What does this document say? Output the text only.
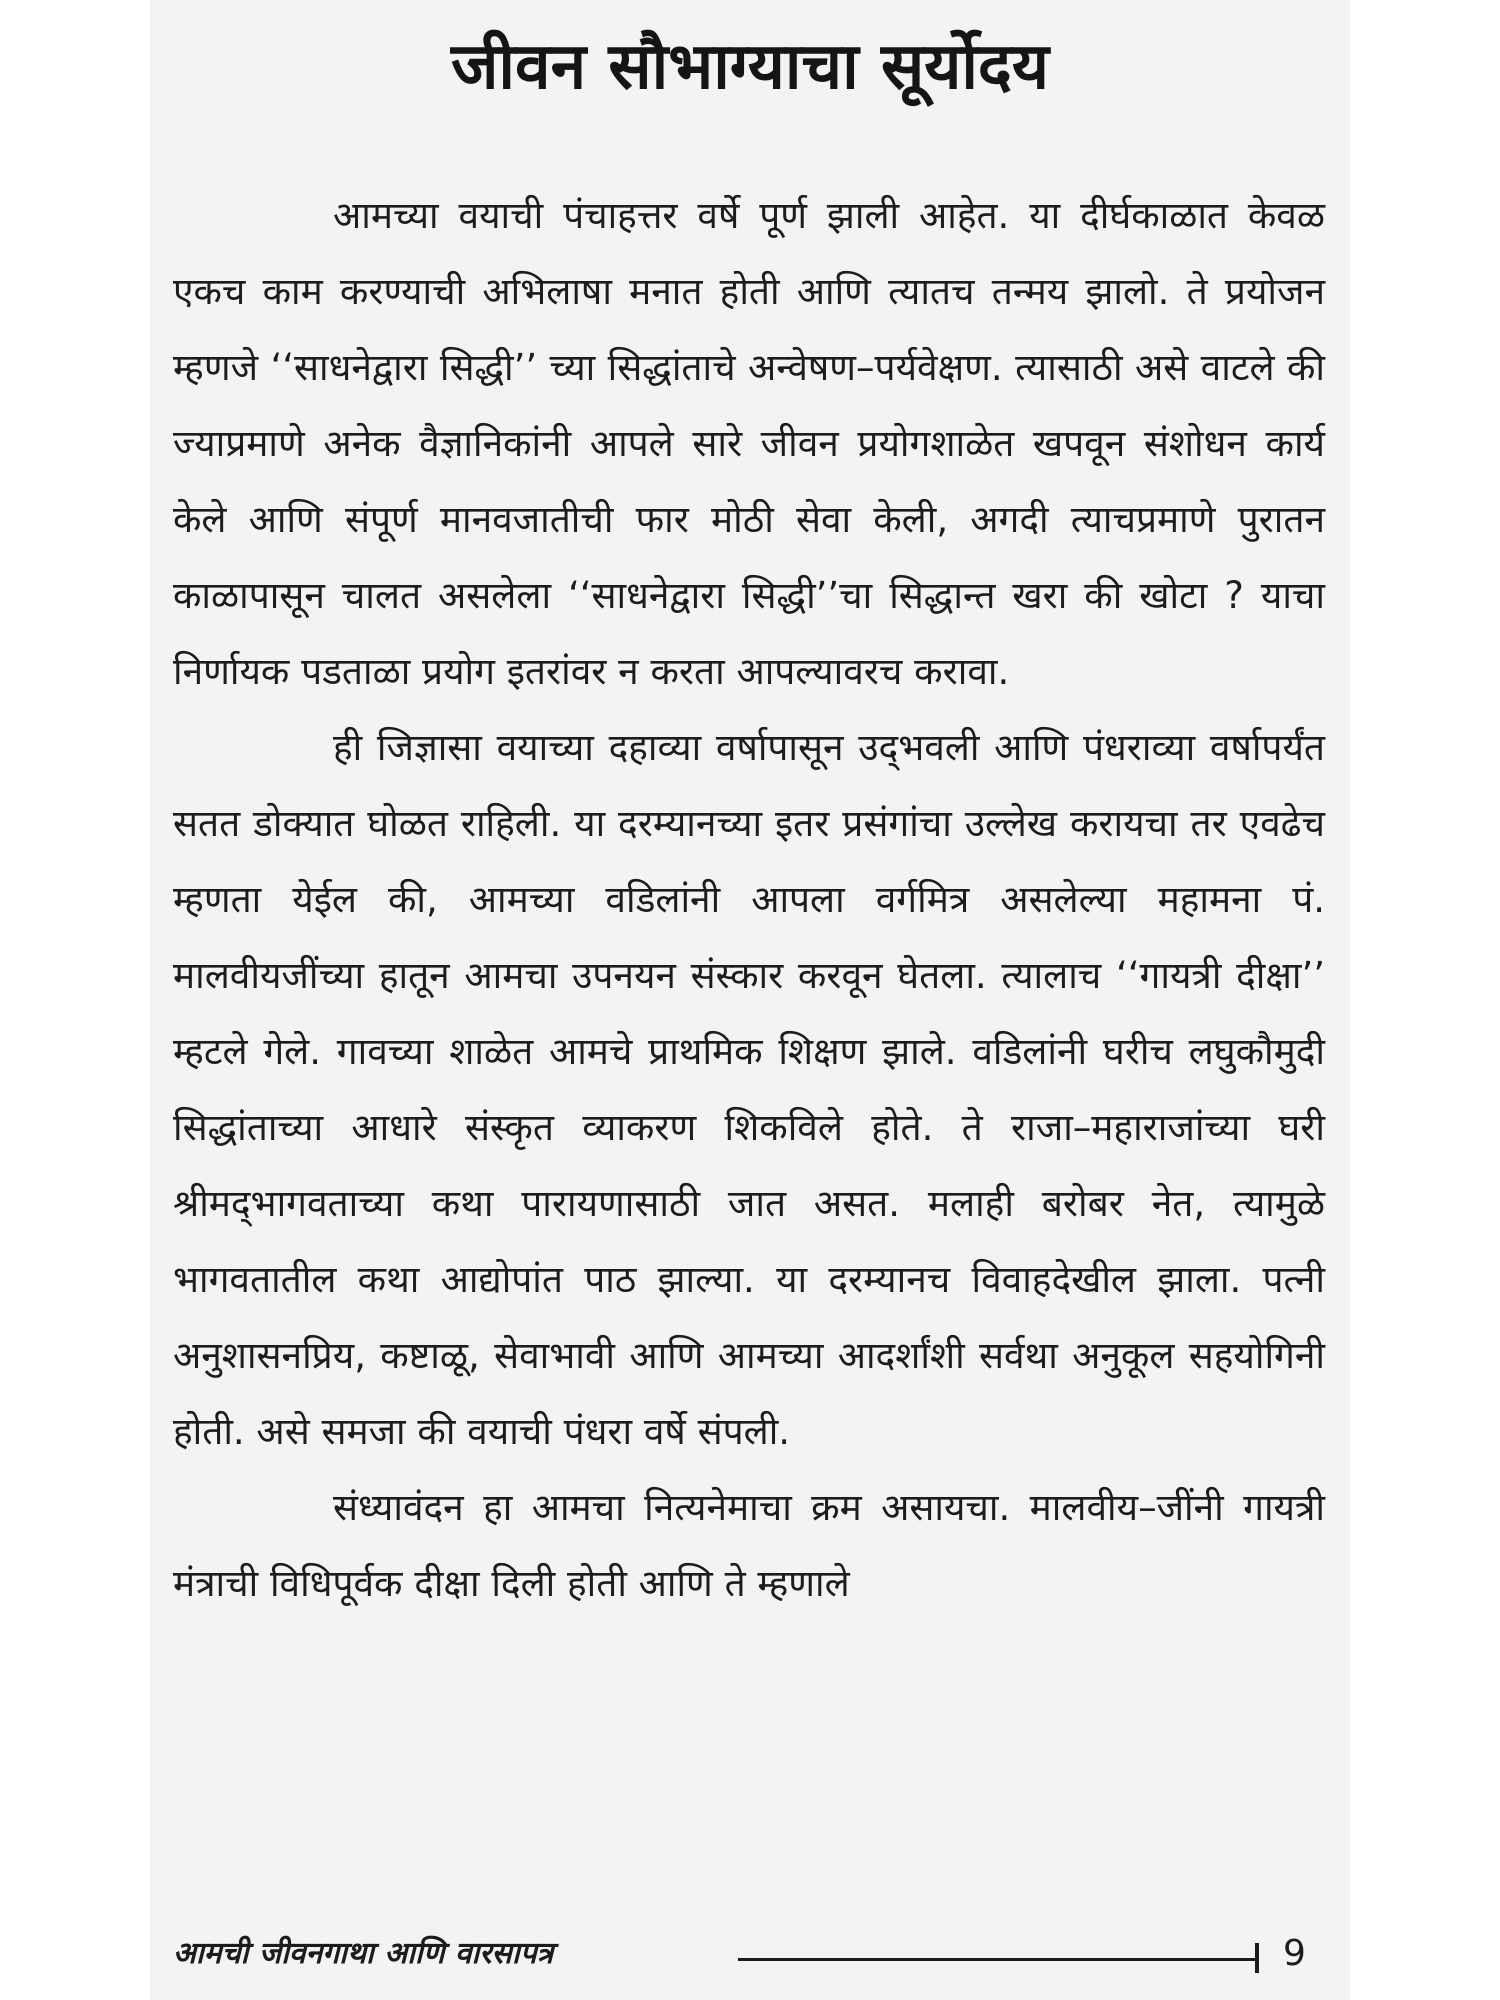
जीवन सौभाग्याचा सूर्योदय

आमच्या वयाची पंचाहत्तर वर्षे पूर्ण झाली आहेत. या दीर्घकाळात केवळ एकच काम करण्याची अभिलाषा मनात होती आणि त्यातच तन्मय झालो. ते प्रयोजन म्हणजे ‘‘साधनेद्वारा सिद्धी’’ च्या सिद्धांताचे अन्वेषण–पर्यवेक्षण. त्यासाठी असे वाटले की ज्याप्रमाणे अनेक वैज्ञानिकांनी आपले सारे जीवन प्रयोगशाळेत खपवून संशोधन कार्य केले आणि संपूर्ण मानवजातीची फार मोठी सेवा केली, अगदी त्याचप्रमाणे पुरातन काळापासून चालत असलेला ‘‘साधनेद्वारा सिद्धी’’चा सिद्धान्त खरा की खोटा ? याचा निर्णायक पडताळा प्रयोग इतरांवर न करता आपल्यावरच करावा.

ही जिज्ञासा वयाच्या दहाव्या वर्षापासून उद्‌भवली आणि पंधराव्या वर्षापर्यंत सतत डोक्यात घोळत राहिली. या दरम्यानच्या इतर प्रसंगांचा उल्लेख करायचा तर एवढेच म्हणता येईल की, आमच्या वडिलांनी आपला वर्गमित्र असलेल्या महामना पं. मालवीयजींच्या हातून आमचा उपनयन संस्कार करवून घेतला. त्यालाच ‘‘गायत्री दीक्षा’’ म्हटले गेले. गावच्या शाळेत आमचे प्राथमिक शिक्षण झाले. वडिलांनी घरीच लघुकौमुदी सिद्धांताच्या आधारे संस्कृत व्याकरण शिकविले होते. ते राजा–महाराजांच्या घरी श्रीमद्‌भागवताच्या कथा पारायणासाठी जात असत. मलाही बरोबर नेत, त्यामुळे भागवतातील कथा आद्योपांत पाठ झाल्या. या दरम्यानच विवाहदेखील झाला. पत्नी अनुशासनप्रिय, कष्टाळू, सेवाभावी आणि आमच्या आदर्शांशी सर्वथा अनुकूल सहयोगिनी होती. असे समजा की वयाची पंधरा वर्षे संपली.

संध्यावंदन हा आमचा नित्यनेमाचा क्रम असायचा. मालवीय–जींनी गायत्री मंत्राची विधिपूर्वक दीक्षा दिली होती आणि ते म्हणाले

आमची जीवनगाथा आणि वारसापत्र	9
